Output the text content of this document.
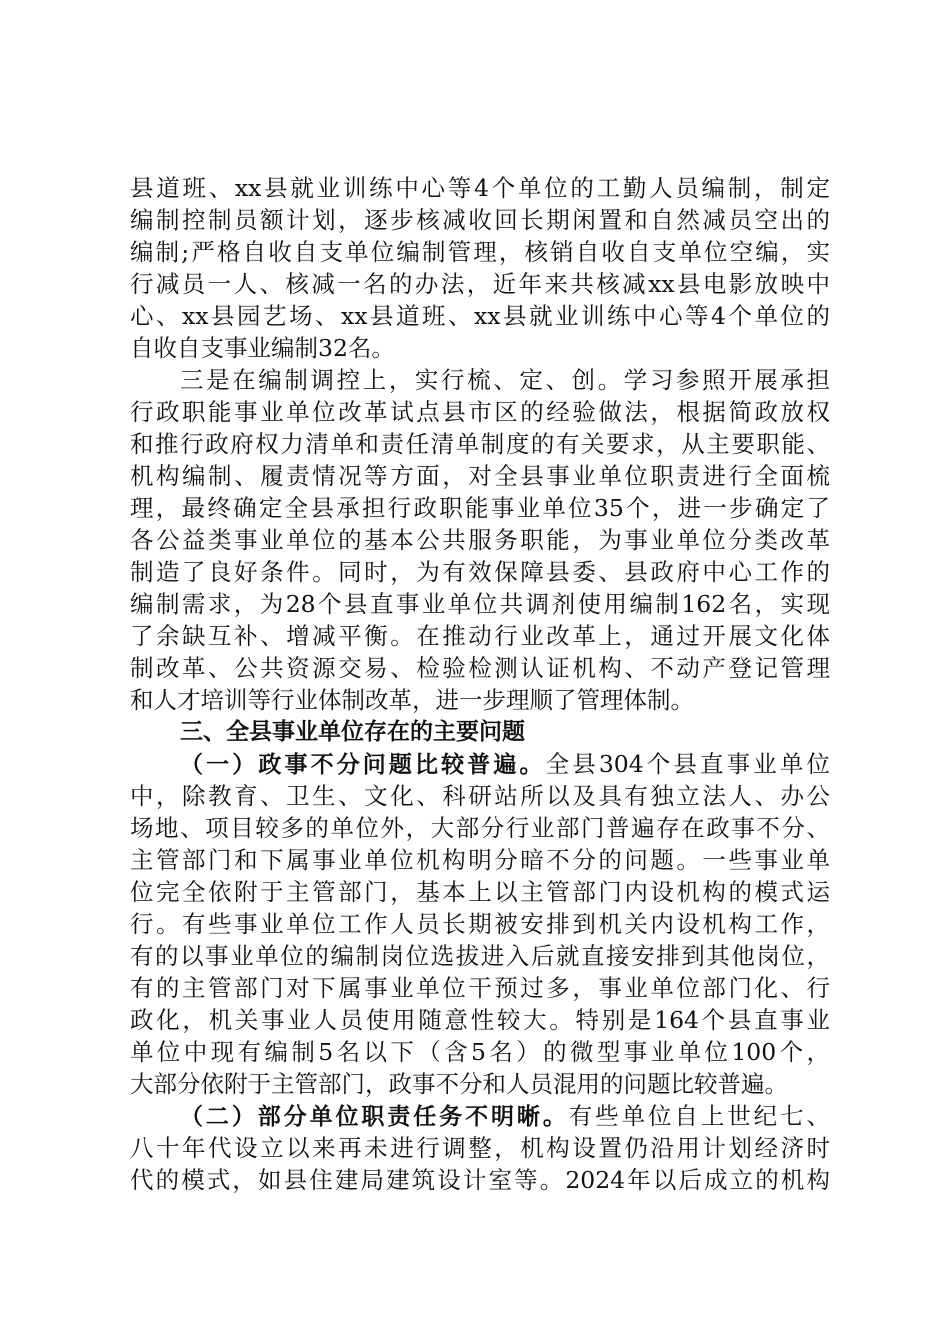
县道班、xx县就业训练中心等4个单位的工勤人员编制，制定
编制控制员额计划，逐步核减收回长期闲置和自然减员空出的
编制;严格自收自支单位编制管理，核销自收自支单位空编，实
行减员一人、核减一名的办法，近年来共核减xx县电影放映中
心、xx县园艺场、xx县道班、xx县就业训练中心等4个单位的
自收自支事业编制32名。
三是在编制调控上，实行梳、定、创。学习参照开展承担
行政职能事业单位改革试点县市区的经验做法，根据简政放权
和推行政府权力清单和责任清单制度的有关要求，从主要职能、
机构编制、履责情况等方面，对全县事业单位职责进行全面梳
理，最终确定全县承担行政职能事业单位35个，进一步确定了
各公益类事业单位的基本公共服务职能，为事业单位分类改革
制造了良好条件。同时，为有效保障县委、县政府中心工作的
编制需求，为28个县直事业单位共调剂使用编制162名，实现
了余缺互补、增减平衡。在推动行业改革上，通过开展文化体
制改革、公共资源交易、检验检测认证机构、不动产登记管理
和人才培训等行业体制改革，进一步理顺了管理体制。
三、全县事业单位存在的主要问题
（一）政事不分问题比较普遍。全县304个县直事业单位
中，除教育、卫生、文化、科研站所以及具有独立法人、办公
场地、项目较多的单位外，大部分行业部门普遍存在政事不分、
主管部门和下属事业单位机构明分暗不分的问题。一些事业单
位完全依附于主管部门，基本上以主管部门内设机构的模式运
行。有些事业单位工作人员长期被安排到机关内设机构工作，
有的以事业单位的编制岗位选拔进入后就直接安排到其他岗位，
有的主管部门对下属事业单位干预过多，事业单位部门化、行
政化，机关事业人员使用随意性较大。特别是164个县直事业
单位中现有编制5名以下（含5名）的微型事业单位100个，
大部分依附于主管部门，政事不分和人员混用的问题比较普遍。
（二）部分单位职责任务不明晰。有些单位自上世纪七、
八十年代设立以来再未进行调整，机构设置仍沿用计划经济时
代的模式，如县住建局建筑设计室等。2024年以后成立的机构
